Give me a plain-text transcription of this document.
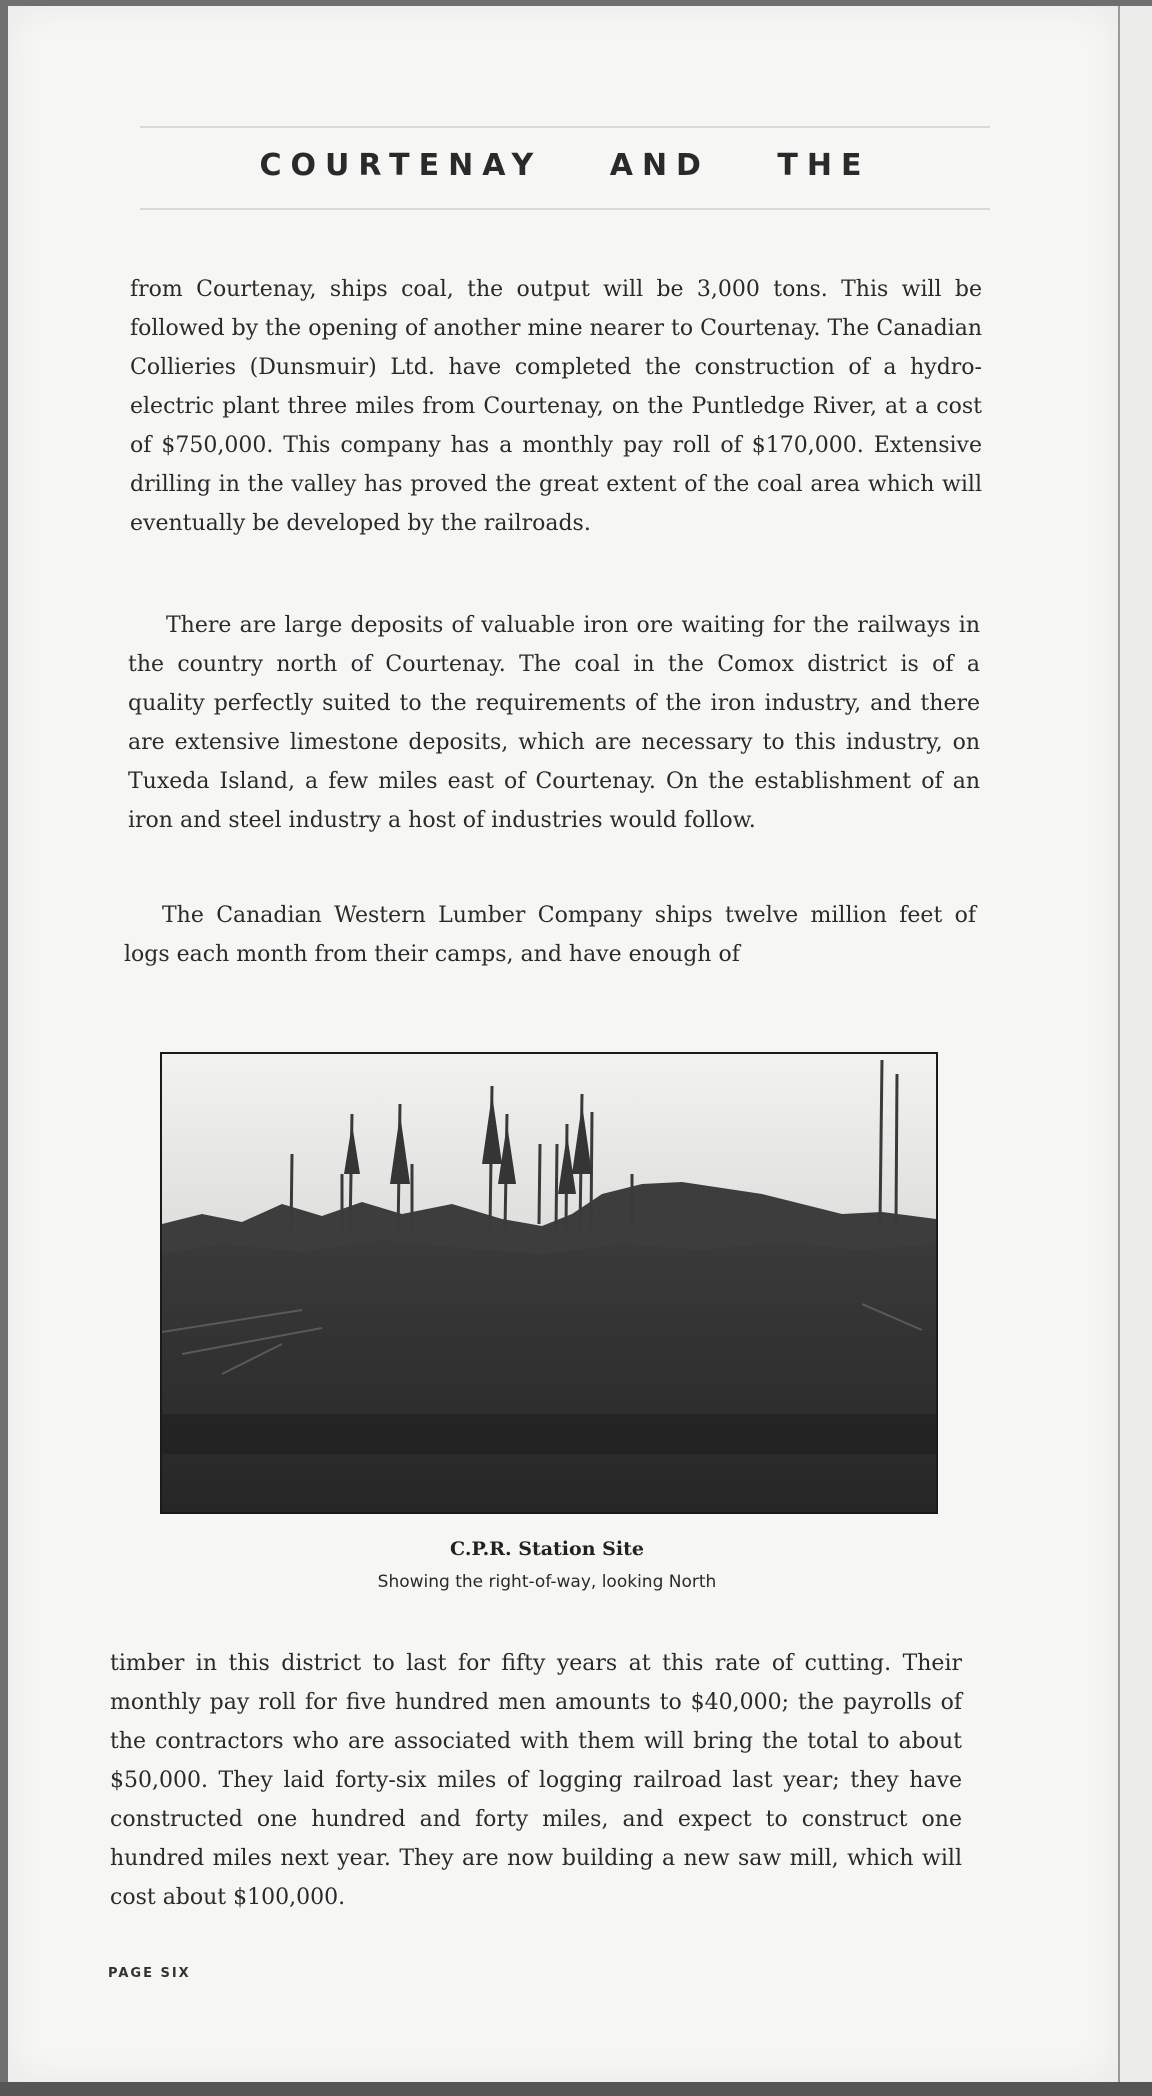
COURTENAY AND THE

from Courtenay, ships coal, the output will be 3,000 tons. This will be followed by the opening of another mine nearer to Courtenay. The Canadian Collieries (Dunsmuir) Ltd. have completed the construction of a hydro-electric plant three miles from Courtenay, on the Puntledge River, at a cost of $750,000. This company has a monthly pay roll of $170,000. Extensive drilling in the valley has proved the great extent of the coal area which will eventually be developed by the railroads.

There are large deposits of valuable iron ore waiting for the railways in the country north of Courtenay. The coal in the Comox district is of a quality perfectly suited to the requirements of the iron industry, and there are extensive limestone deposits, which are necessary to this industry, on Tuxeda Island, a few miles east of Courtenay. On the establishment of an iron and steel industry a host of industries would follow.

The Canadian Western Lumber Company ships twelve million feet of logs each month from their camps, and have enough of

C.P.R. Station Site
Showing the right-of-way, looking North

timber in this district to last for fifty years at this rate of cutting. Their monthly pay roll for five hundred men amounts to $40,000; the payrolls of the contractors who are associated with them will bring the total to about $50,000. They laid forty-six miles of logging railroad last year; they have constructed one hundred and forty miles, and expect to construct one hundred miles next year. They are now building a new saw mill, which will cost about $100,000.

PAGE SIX
